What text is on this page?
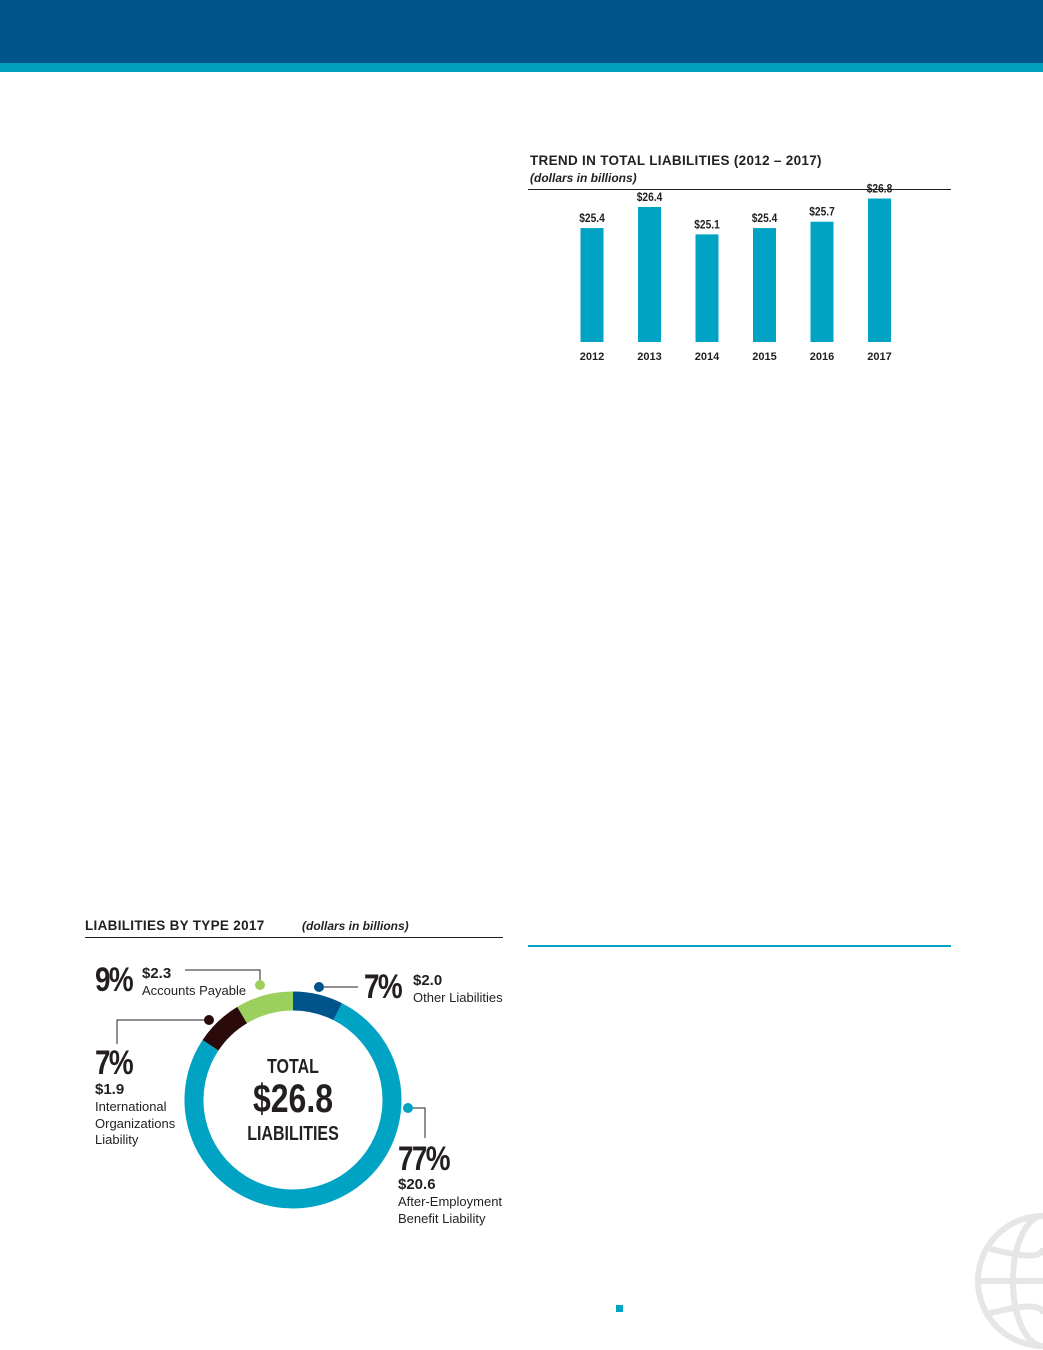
TREND IN TOTAL LIABILITIES (2012 – 2017)
(dollars in billions)
$25.4
2012
$26.4
2013
$25.1
2014
$25.4
2015
$25.7
2016
$26.8
2017
LIABILITIES BY TYPE 2017	(dollars in billions)
TOTAL
$26.8
LIABILITIES
9% $2.3
Accounts Payable	7% $2.0
Other Liabilities
7%
$1.9
International
Organizations
Liability
77%
$20.6
After-Employment
Benefit Liability
